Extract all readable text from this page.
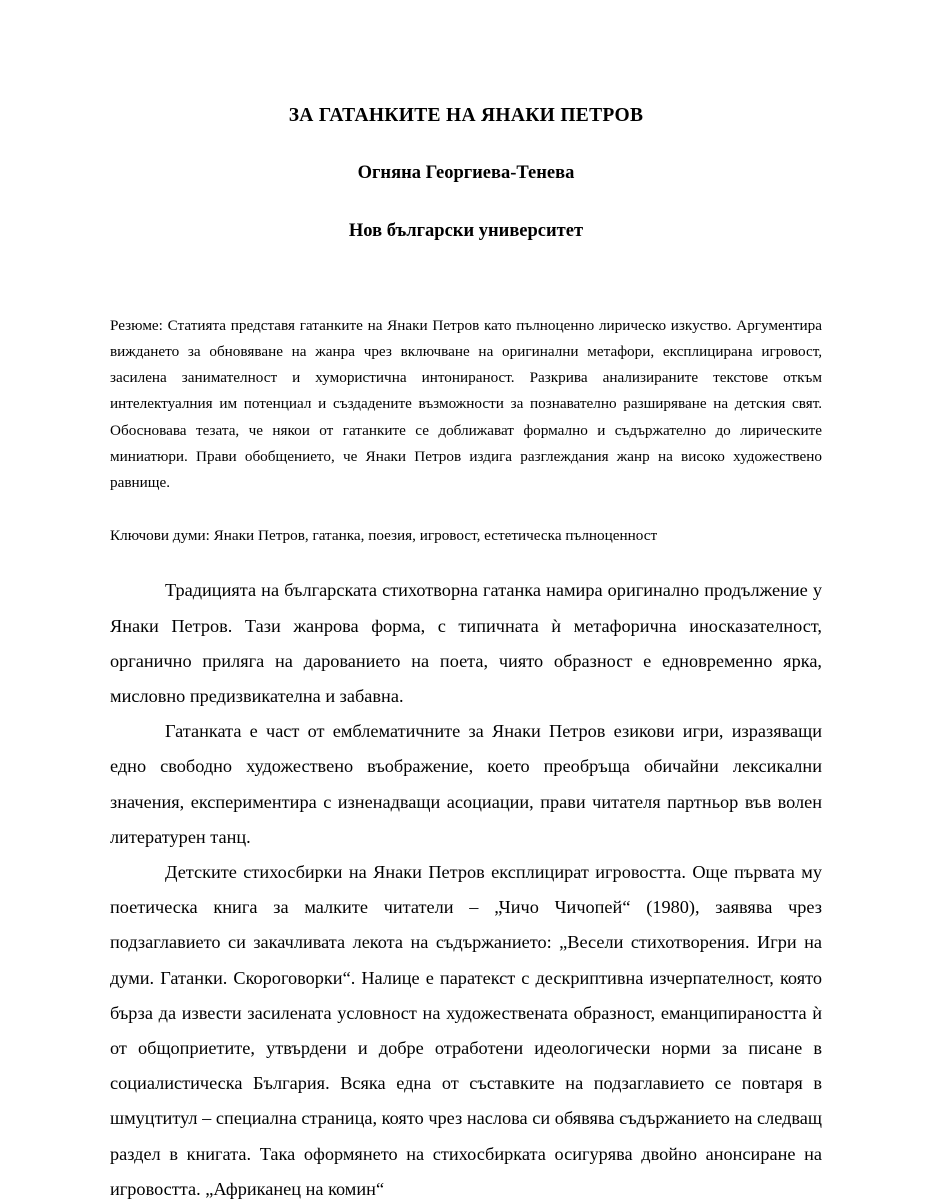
ЗА ГАТАНКИТЕ НА ЯНАКИ ПЕТРОВ

Огняна Георгиева-Тенева

Нов български университет

Резюме: Статията представя гатанките на Янаки Петров като пълноценно лирическо изкуство. Аргументира виждането за обновяване на жанра чрез включване на оригинални метафори, експлицирана игровост, засилена занимателност и хумористична интонираност. Разкрива анализираните текстове откъм интелектуалния им потенциал и създадените възможности за познавателно разширяване на детския свят. Обосновава тезата, че някои от гатанките се доближават формално и съдържателно до лирическите миниатюри. Прави обобщението, че Янаки Петров издига разглеждания жанр на високо художествено равнище.

Ключови думи: Янаки Петров, гатанка, поезия, игровост, естетическа пълноценност

Традицията на българската стихотворна гатанка намира оригинално продължение у Янаки Петров. Тази жанрова форма, с типичната ѝ метафорична иносказателност, органично приляга на дарованието на поета, чиято образност е едновременно ярка, мисловно предизвикателна и забавна.

Гатанката е част от емблематичните за Янаки Петров езикови игри, изразяващи едно свободно художествено въображение, което преобръща обичайни лексикални значения, експериментира с изненадващи асоциации, прави читателя партньор във волен литературен танц.

Детските стихосбирки на Янаки Петров експлицират игровостта. Още първата му поетическа книга за малките читатели – „Чичо Чичопей“ (1980), заявява чрез подзаглавието си закачливата лекота на съдържанието: „Весели стихотворения. Игри на думи. Гатанки. Скороговорки“. Налице е паратекст с дескриптивна изчерпателност, която бърза да извести засилената условност на художествената образност, еманципираността ѝ от общоприетите, утвърдени и добре отработени идеологически норми за писане в социалистическа България. Всяка една от съставките на подзаглавието се повтаря в шмуцтитул – специална страница, която чрез наслова си обявява съдържанието на следващ раздел в книгата. Така оформянето на стихосбирката осигурява двойно анонсиране на игровостта. „Африканец на комин“
